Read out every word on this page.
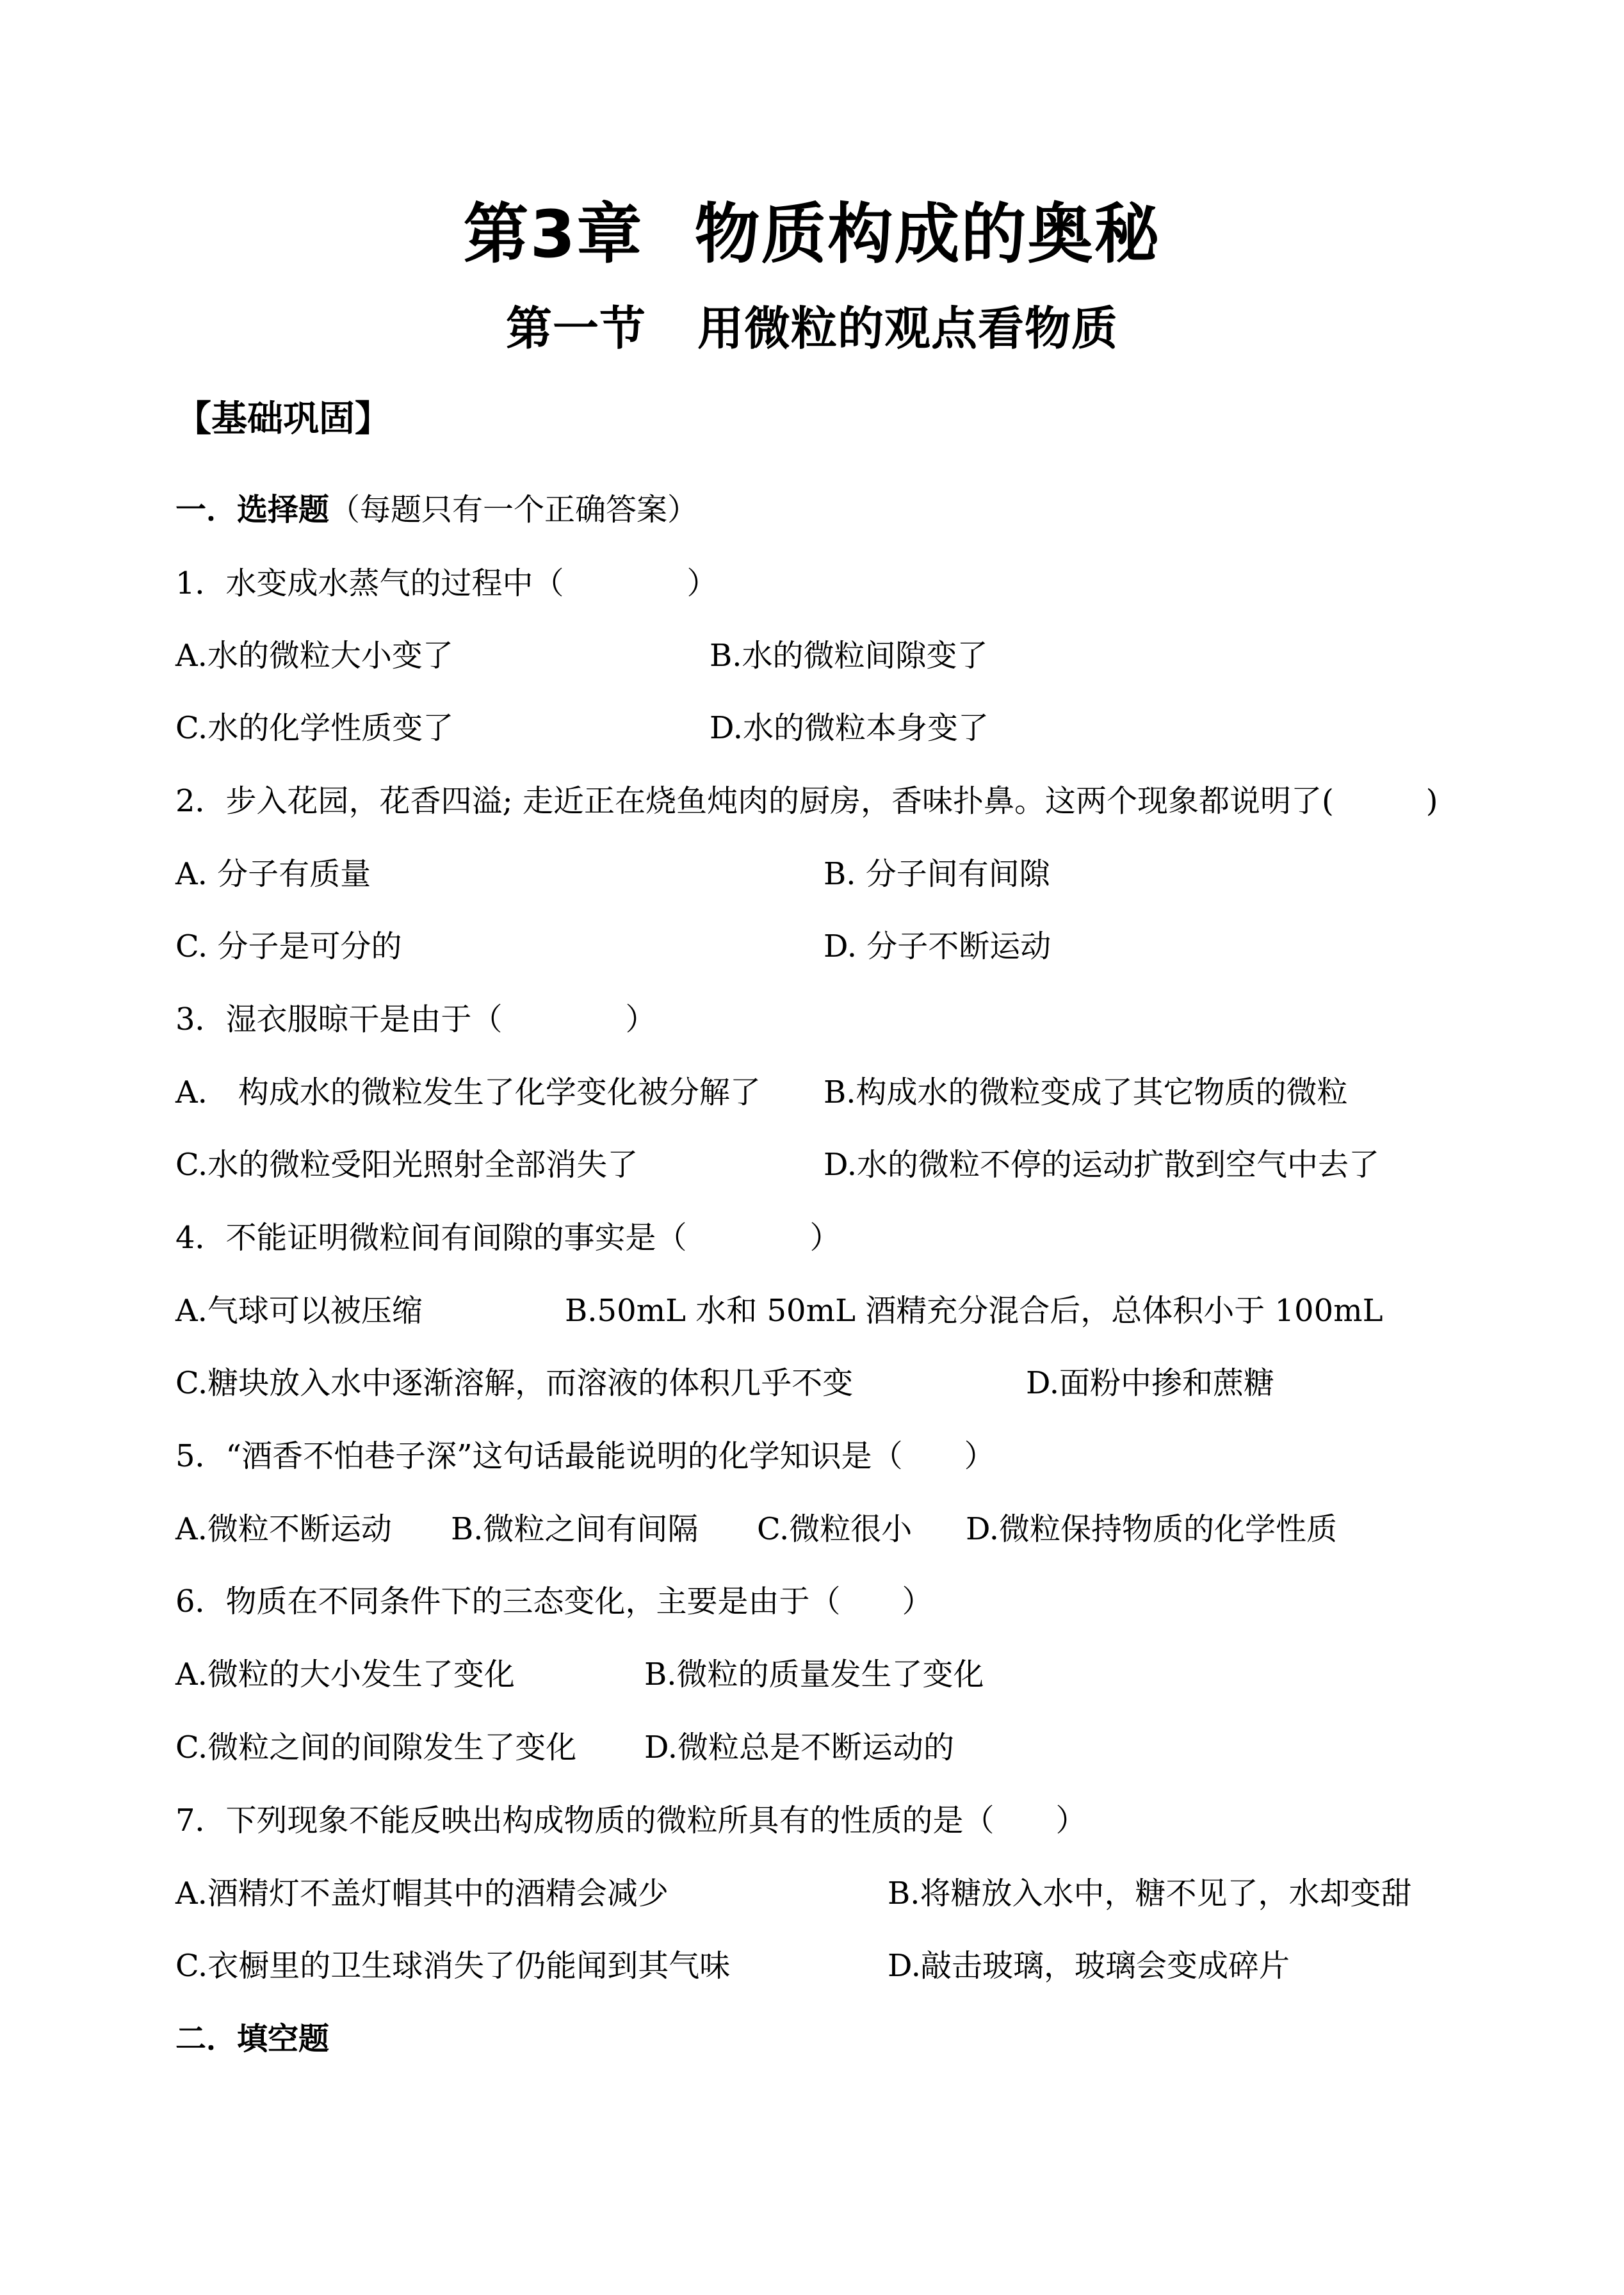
第3章 物质构成的奥秘
第一节 用微粒的观点看物质
【基础巩固】
一．选择题（每题只有一个正确答案）
1．水变成水蒸气的过程中（　　　　）
A.水的微粒大小变了	B.水的微粒间隙变了
C.水的化学性质变了	D.水的微粒本身变了
2．步入花园，花香四溢; 走近正在烧鱼炖肉的厨房，香味扑鼻。这两个现象都说明了(　　　)
A. 分子有质量	B. 分子间有间隙
C. 分子是可分的	D. 分子不断运动
3．湿衣服晾干是由于（　　　　）
A.　构成水的微粒发生了化学变化被分解了 B.构成水的微粒变成了其它物质的微粒
C.水的微粒受阳光照射全部消失了	D.水的微粒不停的运动扩散到空气中去了
4．不能证明微粒间有间隙的事实是（　　　　）
A.气球可以被压缩	B.50mL 水和 50mL 酒精充分混合后，总体积小于 100mL
C.糖块放入水中逐渐溶解，而溶液的体积几乎不变	D.面粉中掺和蔗糖
5．“酒香不怕巷子深”这句话最能说明的化学知识是（　　）
A.微粒不断运动 B.微粒之间有间隔 C.微粒很小 D.微粒保持物质的化学性质
6．物质在不同条件下的三态变化，主要是由于（　　）
A.微粒的大小发生了变化	B.微粒的质量发生了变化
C.微粒之间的间隙发生了变化 D.微粒总是不断运动的
7．下列现象不能反映出构成物质的微粒所具有的性质的是（　　）
A.酒精灯不盖灯帽其中的酒精会减少	B.将糖放入水中，糖不见了，水却变甜
C.衣橱里的卫生球消失了仍能闻到其气味	D.敲击玻璃，玻璃会变成碎片
二．填空题
